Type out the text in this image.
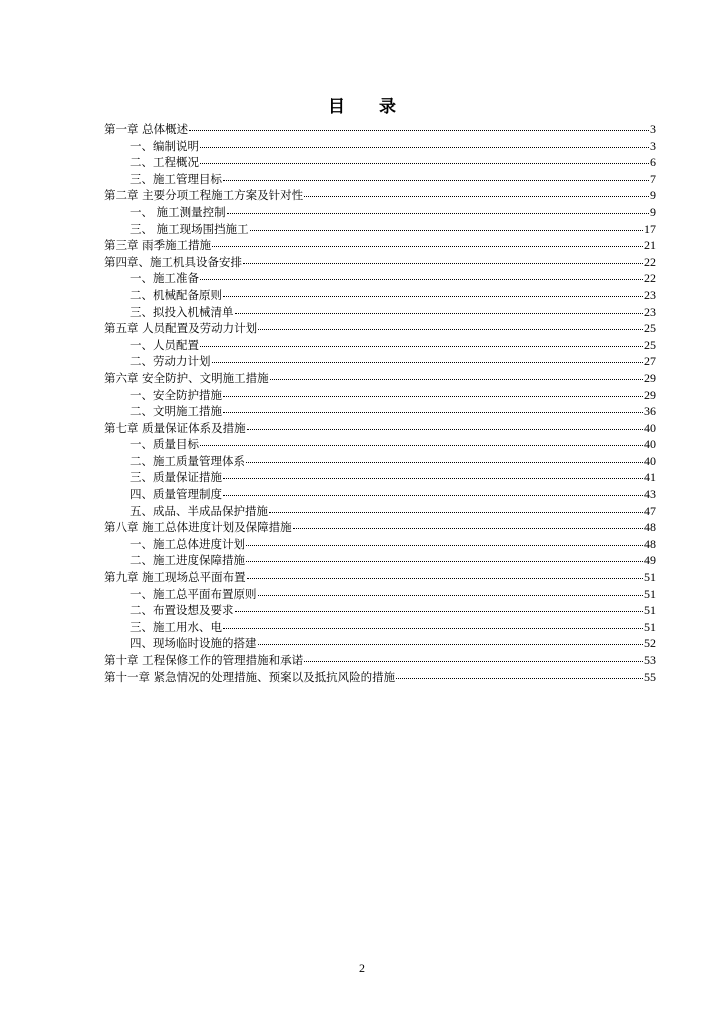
目 录
第一章 总体概述	3
一、编制说明	3
二、工程概况	6
三、施工管理目标	7
第二章 主要分项工程施工方案及针对性	9
一、 施工测量控制	9
三、 施工现场围挡施工	17
第三章 雨季施工措施	21
第四章、施工机具设备安排	22
一、施工准备	22
二、机械配备原则	23
三、拟投入机械清单	23
第五章 人员配置及劳动力计划	25
一、人员配置	25
二、劳动力计划	27
第六章 安全防护、文明施工措施	29
一、安全防护措施	29
二、文明施工措施	36
第七章 质量保证体系及措施	40
一、质量目标	40
二、施工质量管理体系	40
三、质量保证措施	41
四、质量管理制度	43
五、成品、半成品保护措施	47
第八章 施工总体进度计划及保障措施	48
一、施工总体进度计划	48
二、施工进度保障措施	49
第九章 施工现场总平面布置	51
一、施工总平面布置原则	51
二、布置设想及要求	51
三、施工用水、电	51
四、现场临时设施的搭建	52
第十章 工程保修工作的管理措施和承诺	53
第十一章 紧急情况的处理措施、预案以及抵抗风险的措施	55
2
